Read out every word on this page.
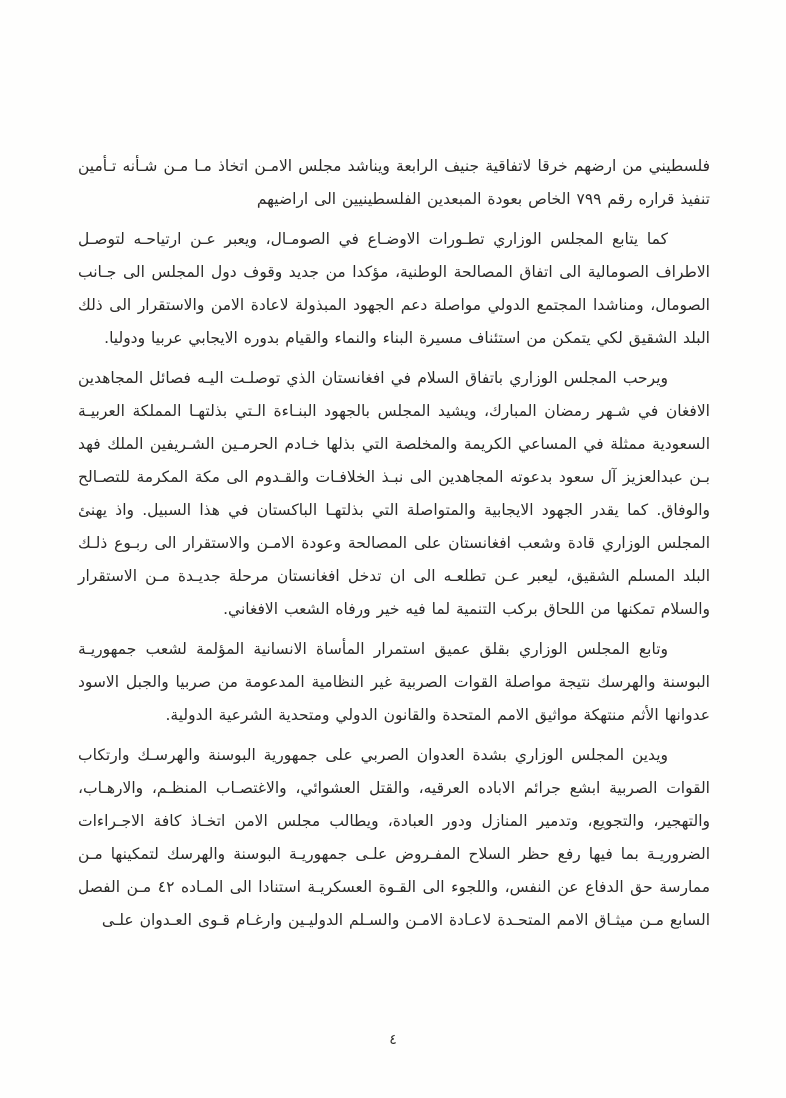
فلسطيني من ارضهم خرقا لاتفاقية جنيف الرابعة ويناشد مجلس الامـن اتخاذ مـا مـن شـأنه تـأمين تنفيذ قراره رقم ٧٩٩ الخاص بعودة المبعدين الفلسطينيين الى اراضيهم

كما يتابع المجلس الوزاري تطـورات الاوضـاع في الصومـال، ويعبر عـن ارتياحـه لتوصـل الاطراف الصومالية الى اتفاق المصالحة الوطنية، مؤكدا من جديد وقوف دول المجلس الى جـانب الصومال، ومناشدا المجتمع الدولي مواصلة دعم الجهود المبذولة لاعادة الامن والاستقرار الى ذلك البلد الشقيق لكي يتمكن من استئناف مسيرة البناء والنماء والقيام بدوره الايجابي عربيا ودوليا.

ويرحب المجلس الوزاري باتفاق السلام في افغانستان الذي توصلـت اليـه فصائل المجاهدين الافغان في شـهر رمضان المبارك، ويشيد المجلس بالجهود البنـاءة الـتي بذلتهـا المملكة العربيـة السعودية ممثلة في المساعي الكريمة والمخلصة التي بذلها خـادم الحرمـين الشـريفين الملك فهد بـن عبدالعزيز آل سعود بدعوته المجاهدين الى نبـذ الخلافـات والقـدوم الى مكة المكرمة للتصـالح والوفاق. كما يقدر الجهود الايجابية والمتواصلة التي بذلتهـا الباكستان في هذا السبيل. واذ يهنئ المجلس الوزاري قادة وشعب افغانستان على المصالحة وعودة الامـن والاستقرار الى ربـوع ذلـك البلد المسلم الشقيق، ليعبر عـن تطلعـه الى ان تدخل افغانستان مرحلة جديـدة مـن الاستقرار والسلام تمكنها من اللحاق بركب التنمية لما فيه خير ورفاه الشعب الافغاني.

وتابع المجلس الوزاري بقلق عميق استمرار المأساة الانسانية المؤلمة لشعب جمهوريـة البوسنة والهرسك نتيجة مواصلة القوات الصربية غير النظامية المدعومة من صربيا والجبل الاسود عدوانها الأثم منتهكة مواثيق الامم المتحدة والقانون الدولي ومتحدية الشرعية الدولية.

ويدين المجلس الوزاري بشدة العدوان الصربي على جمهورية البوسنة والهرسـك وارتكاب القوات الصربية ابشع جرائم الاباده العرقيه، والقتل العشوائي، والاغتصـاب المنظـم، والارهـاب، والتهجير، والتجويع، وتدمير المنازل ودور العبادة، ويطالب مجلس الامن اتخـاذ كافة الاجـراءات الضروريـة بما فيها رفع حظر السلاح المفـروض علـى جمهوريـة البوسنة والهرسك لتمكينها مـن ممارسة حق الدفاع عن النفس، واللجوء الى القـوة العسكريـة استنادا الى المـاده ٤٢ مـن الفصل السابع مـن ميثـاق الامم المتحـدة لاعـادة الامـن والسـلم الدوليـين وارغـام قـوى العـدوان علـى

٤
